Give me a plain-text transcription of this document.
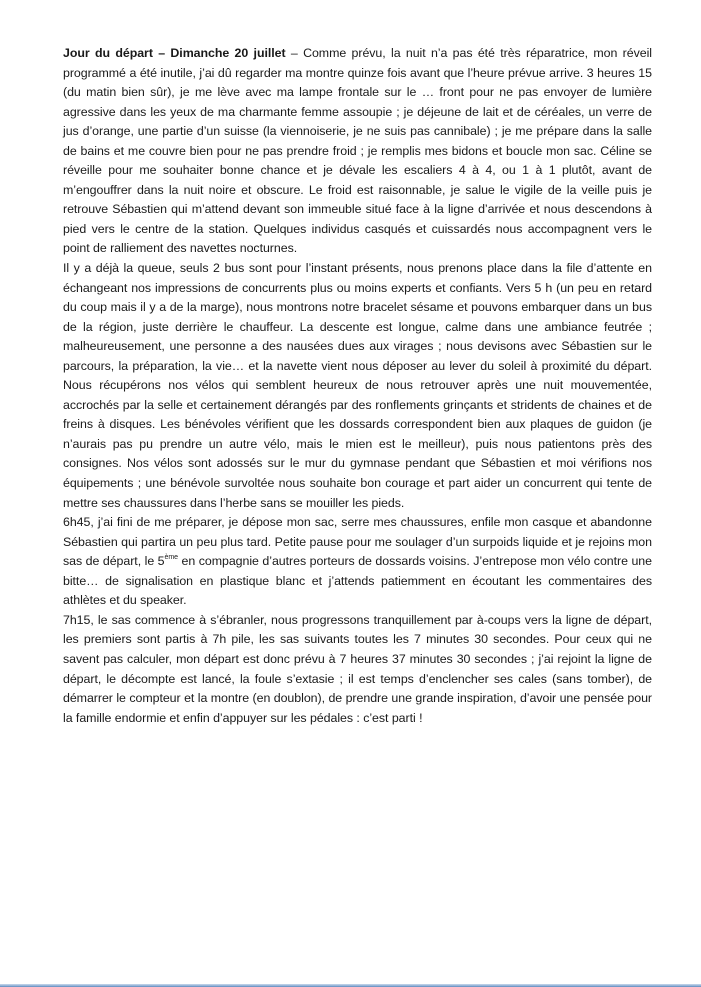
Jour du départ – Dimanche 20 juillet – Comme prévu, la nuit n’a pas été très réparatrice, mon réveil programmé a été inutile, j’ai dû regarder ma montre quinze fois avant que l’heure prévue arrive. 3 heures 15 (du matin bien sûr), je me lève avec ma lampe frontale sur le … front pour ne pas envoyer de lumière agressive dans les yeux de ma charmante femme assoupie ; je déjeune de lait et de céréales, un verre de jus d’orange, une partie d’un suisse (la viennoiserie, je ne suis pas cannibale) ; je me prépare dans la salle de bains et me couvre bien pour ne pas prendre froid ; je remplis mes bidons et boucle mon sac. Céline se réveille pour me souhaiter bonne chance et je dévale les escaliers 4 à 4, ou 1 à 1 plutôt, avant de m’engouffrer dans la nuit noire et obscure. Le froid est raisonnable, je salue le vigile de la veille puis je retrouve Sébastien qui m’attend devant son immeuble situé face à la ligne d’arrivée et nous descendons à pied vers le centre de la station. Quelques individus casqués et cuissardés nous accompagnent vers le point de ralliement des navettes nocturnes.

Il y a déjà la queue, seuls 2 bus sont pour l’instant présents, nous prenons place dans la file d’attente en échangeant nos impressions de concurrents plus ou moins experts et confiants. Vers 5 h (un peu en retard du coup mais il y a de la marge), nous montrons notre bracelet sésame et pouvons embarquer dans un bus de la région, juste derrière le chauffeur. La descente est longue, calme dans une ambiance feutrée ; malheureusement, une personne a des nausées dues aux virages ; nous devisons avec Sébastien sur le parcours, la préparation, la vie… et la navette vient nous déposer au lever du soleil à proximité du départ. Nous récupérons nos vélos qui semblent heureux de nous retrouver après une nuit mouvementée, accrochés par la selle et certainement dérangés par des ronflements grinçants et stridents de chaines et de freins à disques. Les bénévoles vérifient que les dossards correspondent bien aux plaques de guidon (je n’aurais pas pu prendre un autre vélo, mais le mien est le meilleur), puis nous patientons près des consignes. Nos vélos sont adossés sur le mur du gymnase pendant que Sébastien et moi vérifions nos équipements ; une bénévole survoltée nous souhaite bon courage et part aider un concurrent qui tente de mettre ses chaussures dans l’herbe sans se mouiller les pieds.

6h45, j’ai fini de me préparer, je dépose mon sac, serre mes chaussures, enfile mon casque et abandonne Sébastien qui partira un peu plus tard. Petite pause pour me soulager d’un surpoids liquide et je rejoins mon sas de départ, le 5ème en compagnie d’autres porteurs de dossards voisins. J’entrepose mon vélo contre une bitte… de signalisation en plastique blanc et j’attends patiemment en écoutant les commentaires des athlètes et du speaker.

7h15, le sas commence à s’ébranler, nous progressons tranquillement par à-coups vers la ligne de départ, les premiers sont partis à 7h pile, les sas suivants toutes les 7 minutes 30 secondes. Pour ceux qui ne savent pas calculer, mon départ est donc prévu à 7 heures 37 minutes 30 secondes ; j’ai rejoint la ligne de départ, le décompte est lancé, la foule s’extasie ; il est temps d’enclencher ses cales (sans tomber), de démarrer le compteur et la montre (en doublon), de prendre une grande inspiration, d’avoir une pensée pour la famille endormie et enfin d’appuyer sur les pédales : c’est parti !
